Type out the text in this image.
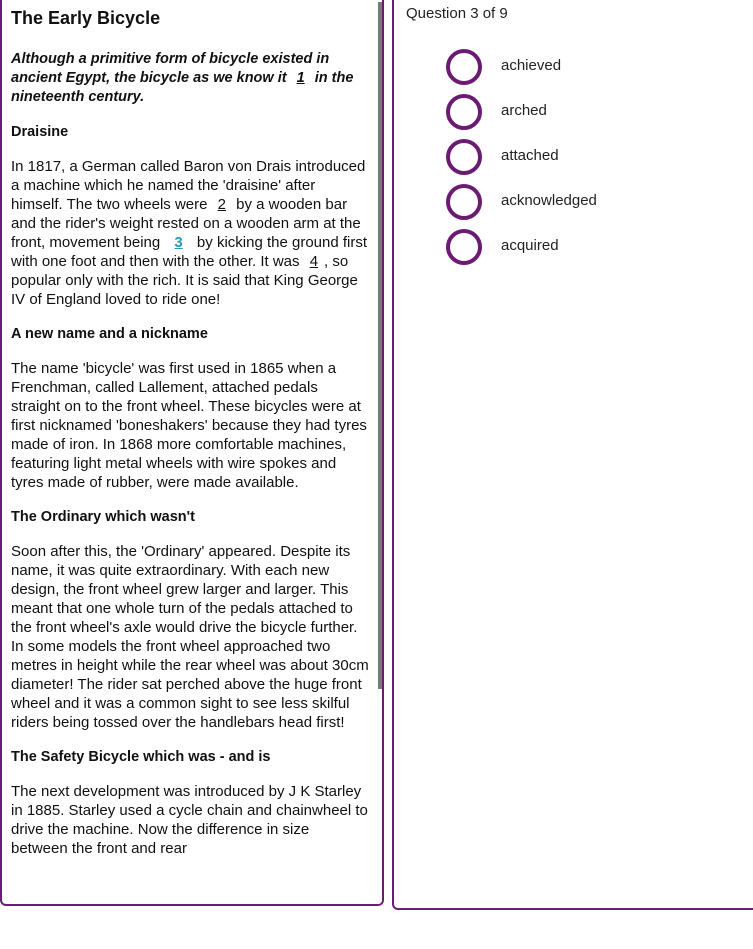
The Early Bicycle
Although a primitive form of bicycle existed in ancient Egypt, the bicycle as we know it 1 in the nineteenth century.
Draisine
In 1817, a German called Baron von Drais introduced a machine which he named the 'draisine' after himself. The two wheels were 2 by a wooden bar and the rider's weight rested on a wooden arm at the front, movement being 3 by kicking the ground first with one foot and then with the other. It was 4 , so popular only with the rich. It is said that King George IV of England loved to ride one!
A new name and a nickname
The name 'bicycle' was first used in 1865 when a Frenchman, called Lallement, attached pedals straight on to the front wheel. These bicycles were at first nicknamed 'boneshakers' because they had tyres made of iron. In 1868 more comfortable machines, featuring light metal wheels with wire spokes and tyres made of rubber, were made available.
The Ordinary which wasn't
Soon after this, the 'Ordinary' appeared. Despite its name, it was quite extraordinary. With each new design, the front wheel grew larger and larger. This meant that one whole turn of the pedals attached to the front wheel's axle would drive the bicycle further. In some models the front wheel approached two metres in height while the rear wheel was about 30cm diameter! The rider sat perched above the huge front wheel and it was a common sight to see less skilful riders being tossed over the handlebars head first!
The Safety Bicycle which was - and is
The next development was introduced by J K Starley in 1885. Starley used a cycle chain and chainwheel to drive the machine. Now the difference in size between the front and rear
Question 3 of 9
achieved
arched
attached
acknowledged
acquired
